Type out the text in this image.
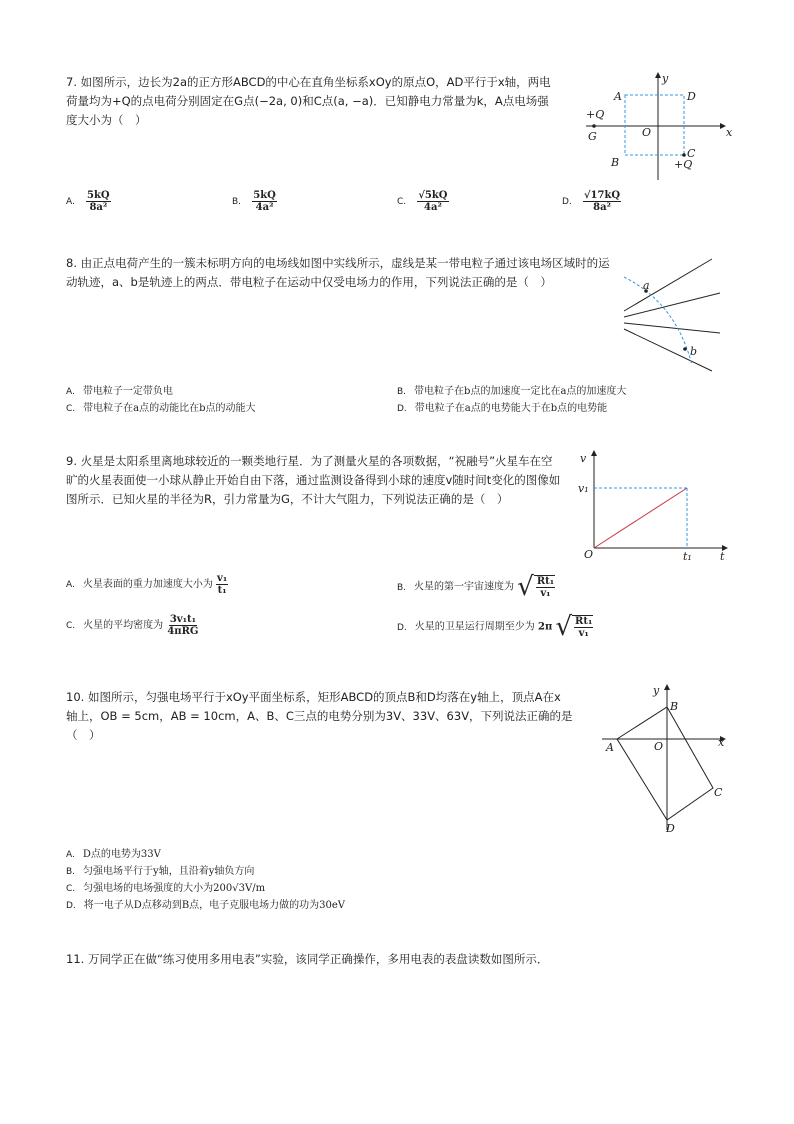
7. 如图所示，边长为2a的正方形ABCD的中心在直角坐标系xOy的原点O，AD平行于x轴，两电
荷量均为+Q的点电荷分别固定在G点(−2a, 0)和C点(a, −a)．已知静电力常量为k，A点电场强
度大小为（　）
y
x
A	D
O
+Q
G
B
C
+Q
A. $\frac{5kQ}{\text{8a²}}$	B. $\frac{5kQ}{\text{4a²}}$	C. $\frac{√5kQ}{\text{4a²}}$	D. $\frac{√17kQ}{\text{8a²}}$
8. 由正点电荷产生的一簇未标明方向的电场线如图中实线所示，虚线是某一带电粒子通过该电场区域时的运
动轨迹，a、b是轨迹上的两点．带电粒子在运动中仅受电场力的作用，下列说法正确的是（　）	a
b
A. 带电粒子一定带负电	B. 带电粒子在b点的加速度一定比在a点的加速度大
C. 带电粒子在a点的动能比在b点的动能大	D. 带电粒子在a点的电势能大于在b点的电势能
9. 火星是太阳系里离地球较近的一颗类地行星．为了测量火星的各项数据，“祝融号”火星车在空
旷的火星表面使一小球从静止开始自由下落，通过监测设备得到小球的速度v随时间t变化的图像如
图所示．已知火星的半径为R，引力常量为G，不计大气阻力，下列说法正确的是（　）
v
v₁
O	t₁	t
A. 火星表面的重力加速度大小为 $\frac{\text{v₁}}{\text{t₁}}$	B. 火星的第一宇宙速度为 √ $\frac{\text{Rt₁}}{\text{v₁}}$
C. 火星的平均密度为 $\frac{\text{3v₁t₁}}{\text{4πRG}}$	D. 火星的卫星运行周期至少为 2π √ $\frac{\text{Rt₁}}{\text{v₁}}$
10. 如图所示，匀强电场平行于xOy平面坐标系，矩形ABCD的顶点B和D均落在y轴上，顶点A在x
轴上，OB = 5cm，AB = 10cm，A、B、C三点的电势分别为3V、33V、63V，下列说法正确的是
（　）
y
x
B
A	O
C
D
A. D点的电势为33V
B. 匀强电场平行于y轴，且沿着y轴负方向
C. 匀强电场的电场强度的大小为200√3V/m
D. 将一电子从D点移动到B点，电子克服电场力做的功为30eV
11. 万同学正在做“练习使用多用电表”实验，该同学正确操作，多用电表的表盘读数如图所示．
